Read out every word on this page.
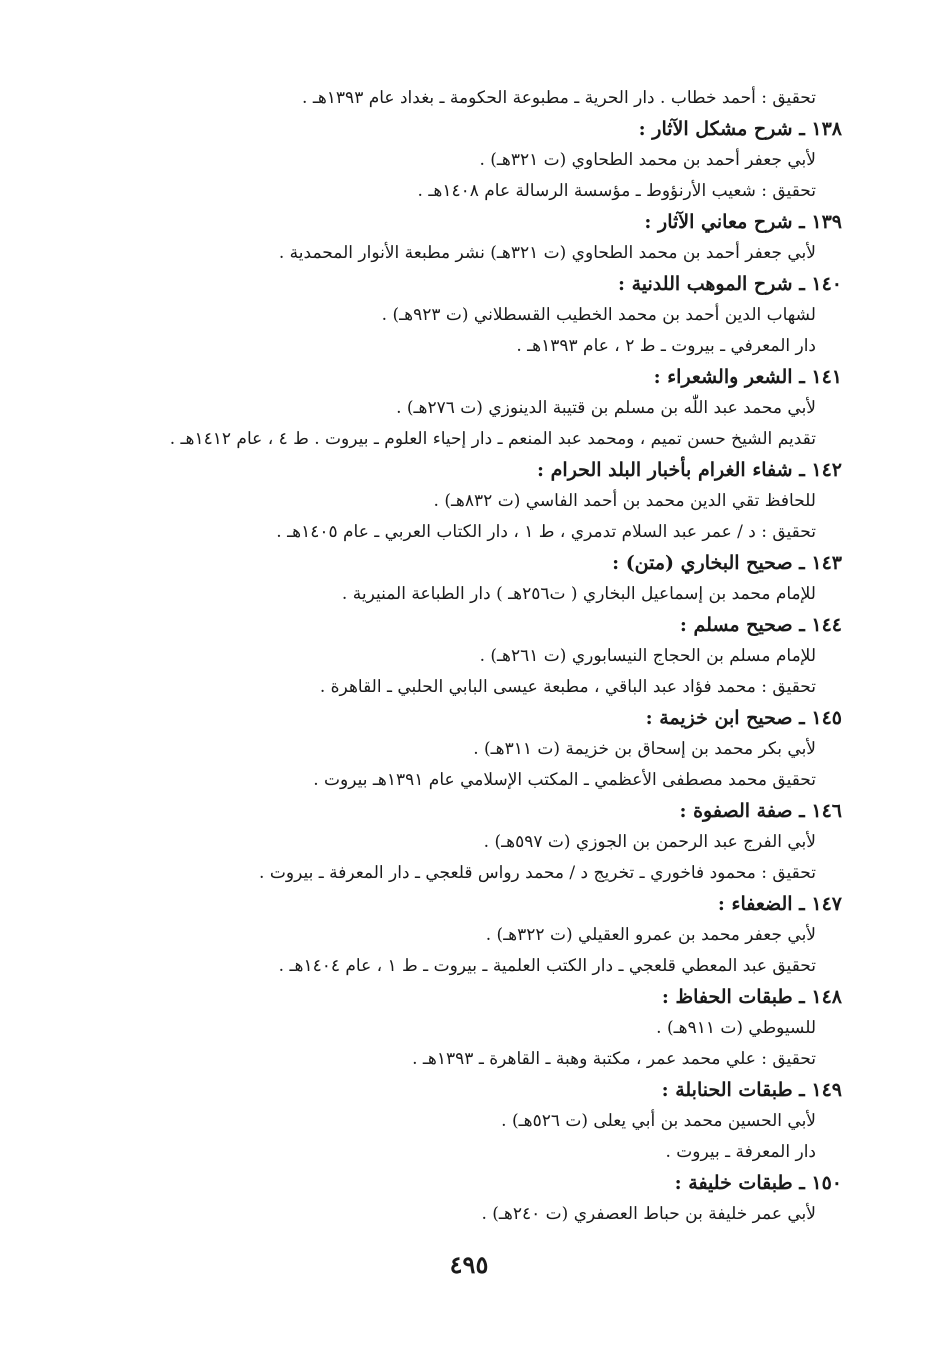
تحقيق : أحمد خطاب . دار الحرية ـ مطبوعة الحكومة ـ بغداد عام ١٣٩٣هـ .
١٣٨ ـ شرح مشكل الآثار :
لأبي جعفر أحمد بن محمد الطحاوي (ت ٣٢١هـ) .
تحقيق : شعيب الأرنؤوط ـ مؤسسة الرسالة عام ١٤٠٨هـ .
١٣٩ ـ شرح معاني الآثار :
لأبي جعفر أحمد بن محمد الطحاوي (ت ٣٢١هـ) نشر مطبعة الأنوار المحمدية .
١٤٠ ـ شرح الموهب اللدنية :
لشهاب الدين أحمد بن محمد الخطيب القسطلاني (ت ٩٢٣هـ) .
دار المعرفي ـ بيروت ـ ط ٢ ، عام ١٣٩٣هـ .
١٤١ ـ الشعر والشعراء :
لأبي محمد عبد اللّٰه بن مسلم بن قتيبة الدينوزي (ت ٢٧٦هـ) .
تقديم الشيخ حسن تميم ، ومحمد عبد المنعم ـ دار إحياء العلوم ـ بيروت . ط ٤ ، عام ١٤١٢هـ .
١٤٢ ـ شفاء الغرام بأخبار البلد الحرام :
للحافظ تقي الدين محمد بن أحمد الفاسي (ت ٨٣٢هـ) .
تحقيق : د / عمر عبد السلام تدمري ، ط ١ ، دار الكتاب العربي ـ عام ١٤٠٥هـ .
١٤٣ ـ صحيح البخاري (متن) :
للإمام محمد بن إسماعيل البخاري ( ت٢٥٦هـ ) دار الطباعة المنيرية .
١٤٤ ـ صحيح مسلم :
للإمام مسلم بن الحجاج النيسابوري (ت ٢٦١هـ) .
تحقيق : محمد فؤاد عبد الباقي ، مطبعة عيسى البابي الحلبي ـ القاهرة .
١٤٥ ـ صحيح ابن خزيمة :
لأبي بكر محمد بن إسحاق بن خزيمة (ت ٣١١هـ) .
تحقيق محمد مصطفى الأعظمي ـ المكتب الإسلامي عام ١٣٩١هـ بيروت .
١٤٦ ـ صفة الصفوة :
لأبي الفرج عبد الرحمن بن الجوزي (ت ٥٩٧هـ) .
تحقيق : محمود فاخوري ـ تخريج د / محمد رواس قلعجي ـ دار المعرفة ـ بيروت .
١٤٧ ـ الضعفاء :
لأبي جعفر محمد بن عمرو العقيلي (ت ٣٢٢هـ) .
تحقيق عبد المعطي قلعجي ـ دار الكتب العلمية ـ بيروت ـ ط ١ ، عام ١٤٠٤هـ .
١٤٨ ـ طبقات الحفاظ :
للسيوطي (ت ٩١١هـ) .
تحقيق : علي محمد عمر ، مكتبة وهبة ـ القاهرة ـ ١٣٩٣هـ .
١٤٩ ـ طبقات الحنابلة :
لأبي الحسين محمد بن أبي يعلى (ت ٥٢٦هـ) .
دار المعرفة ـ بيروت .
١٥٠ ـ طبقات خليفة :
لأبي عمر خليفة بن حباط العصفري (ت ٢٤٠هـ) .
٤٩٥
